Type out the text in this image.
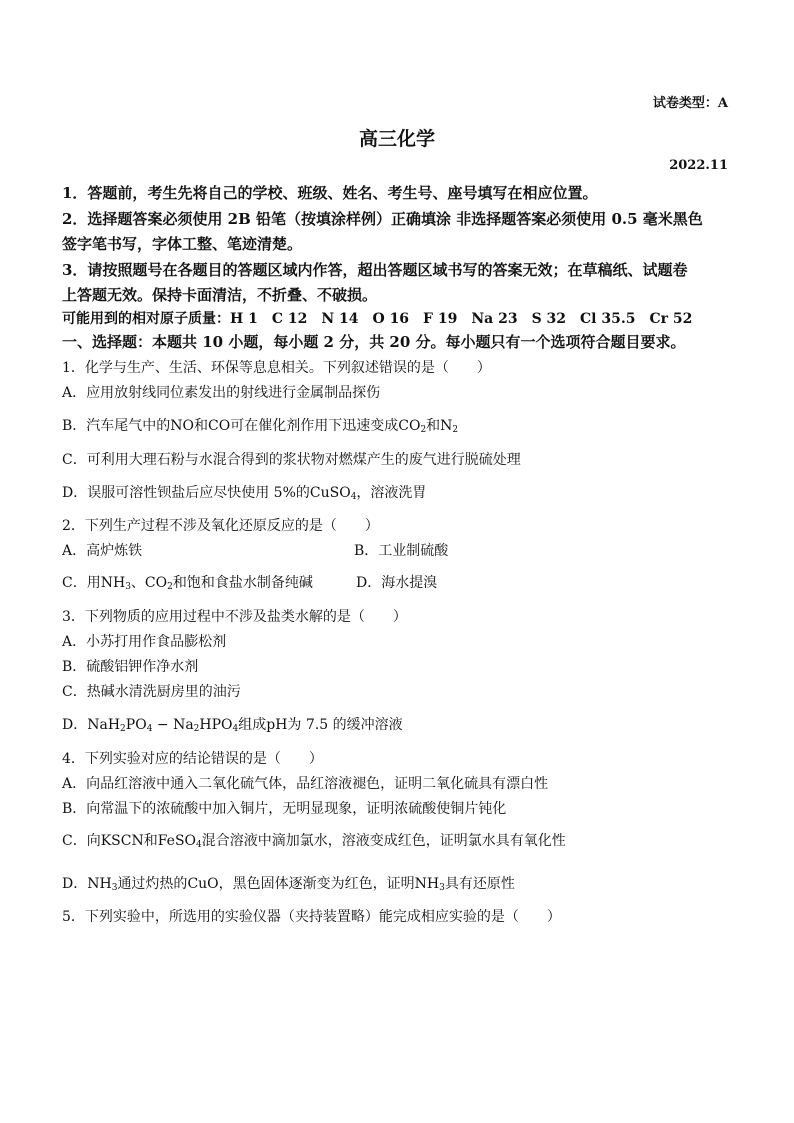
试卷类型：A
高三化学
2022.11
1．答题前，考生先将自己的学校、班级、姓名、考生号、座号填写在相应位置。
2．选择题答案必须使用 2B 铅笔（按填涂样例）正确填涂 非选择题答案必须使用 0.5 毫米黑色
签字笔书写，字体工整、笔迹清楚。
3．请按照题号在各题目的答题区域内作答，超出答题区域书写的答案无效；在草稿纸、试题卷
上答题无效。保持卡面清洁，不折叠、不破损。
可能用到的相对原子质量：H 1　C 12　N 14　O 16　F 19　Na 23　S 32　Cl 35.5　Cr 52
一、选择题：本题共 10 小题，每小题 2 分，共 20 分。每小题只有一个选项符合题目要求。
1．化学与生产、生活、环保等息息相关。下列叙述错误的是（　　）
A．应用放射线同位素发出的射线进行金属制品探伤
B．汽车尾气中的NO和CO可在催化剂作用下迅速变成$CO_2$和$N_2$
C．可利用大理石粉与水混合得到的浆状物对燃煤产生的废气进行脱硫处理
D．误服可溶性钡盐后应尽快使用 5%的CuSO$_4$，溶液洗胃
2．下列生产过程不涉及氧化还原反应的是（　　）
A．高炉炼铁	B．工业制硫酸
C．用$NH_3$、$CO_2$和饱和食盐水制备纯碱	D．海水提溴
3．下列物质的应用过程中不涉及盐类水解的是（　　）
A．小苏打用作食品膨松剂
B．硫酸铝钾作净水剂
C．热碱水清洗厨房里的油污
D．$NaH_2PO_4 - Na_2HPO_4$组成pH为 7.5 的缓冲溶液
4．下列实验对应的结论错误的是（　　）
A．向品红溶液中通入二氧化硫气体，品红溶液褪色，证明二氧化硫具有漂白性
B．向常温下的浓硫酸中加入铜片，无明显现象，证明浓硫酸使铜片钝化
C．向KSCN和FeSO$_4$混合溶液中滴加氯水，溶液变成红色，证明氯水具有氧化性
D．$NH_3$通过灼热的CuO，黑色固体逐渐变为红色，证明$NH_3$具有还原性
5．下列实验中，所选用的实验仪器（夹持装置略）能完成相应实验的是（　　）
